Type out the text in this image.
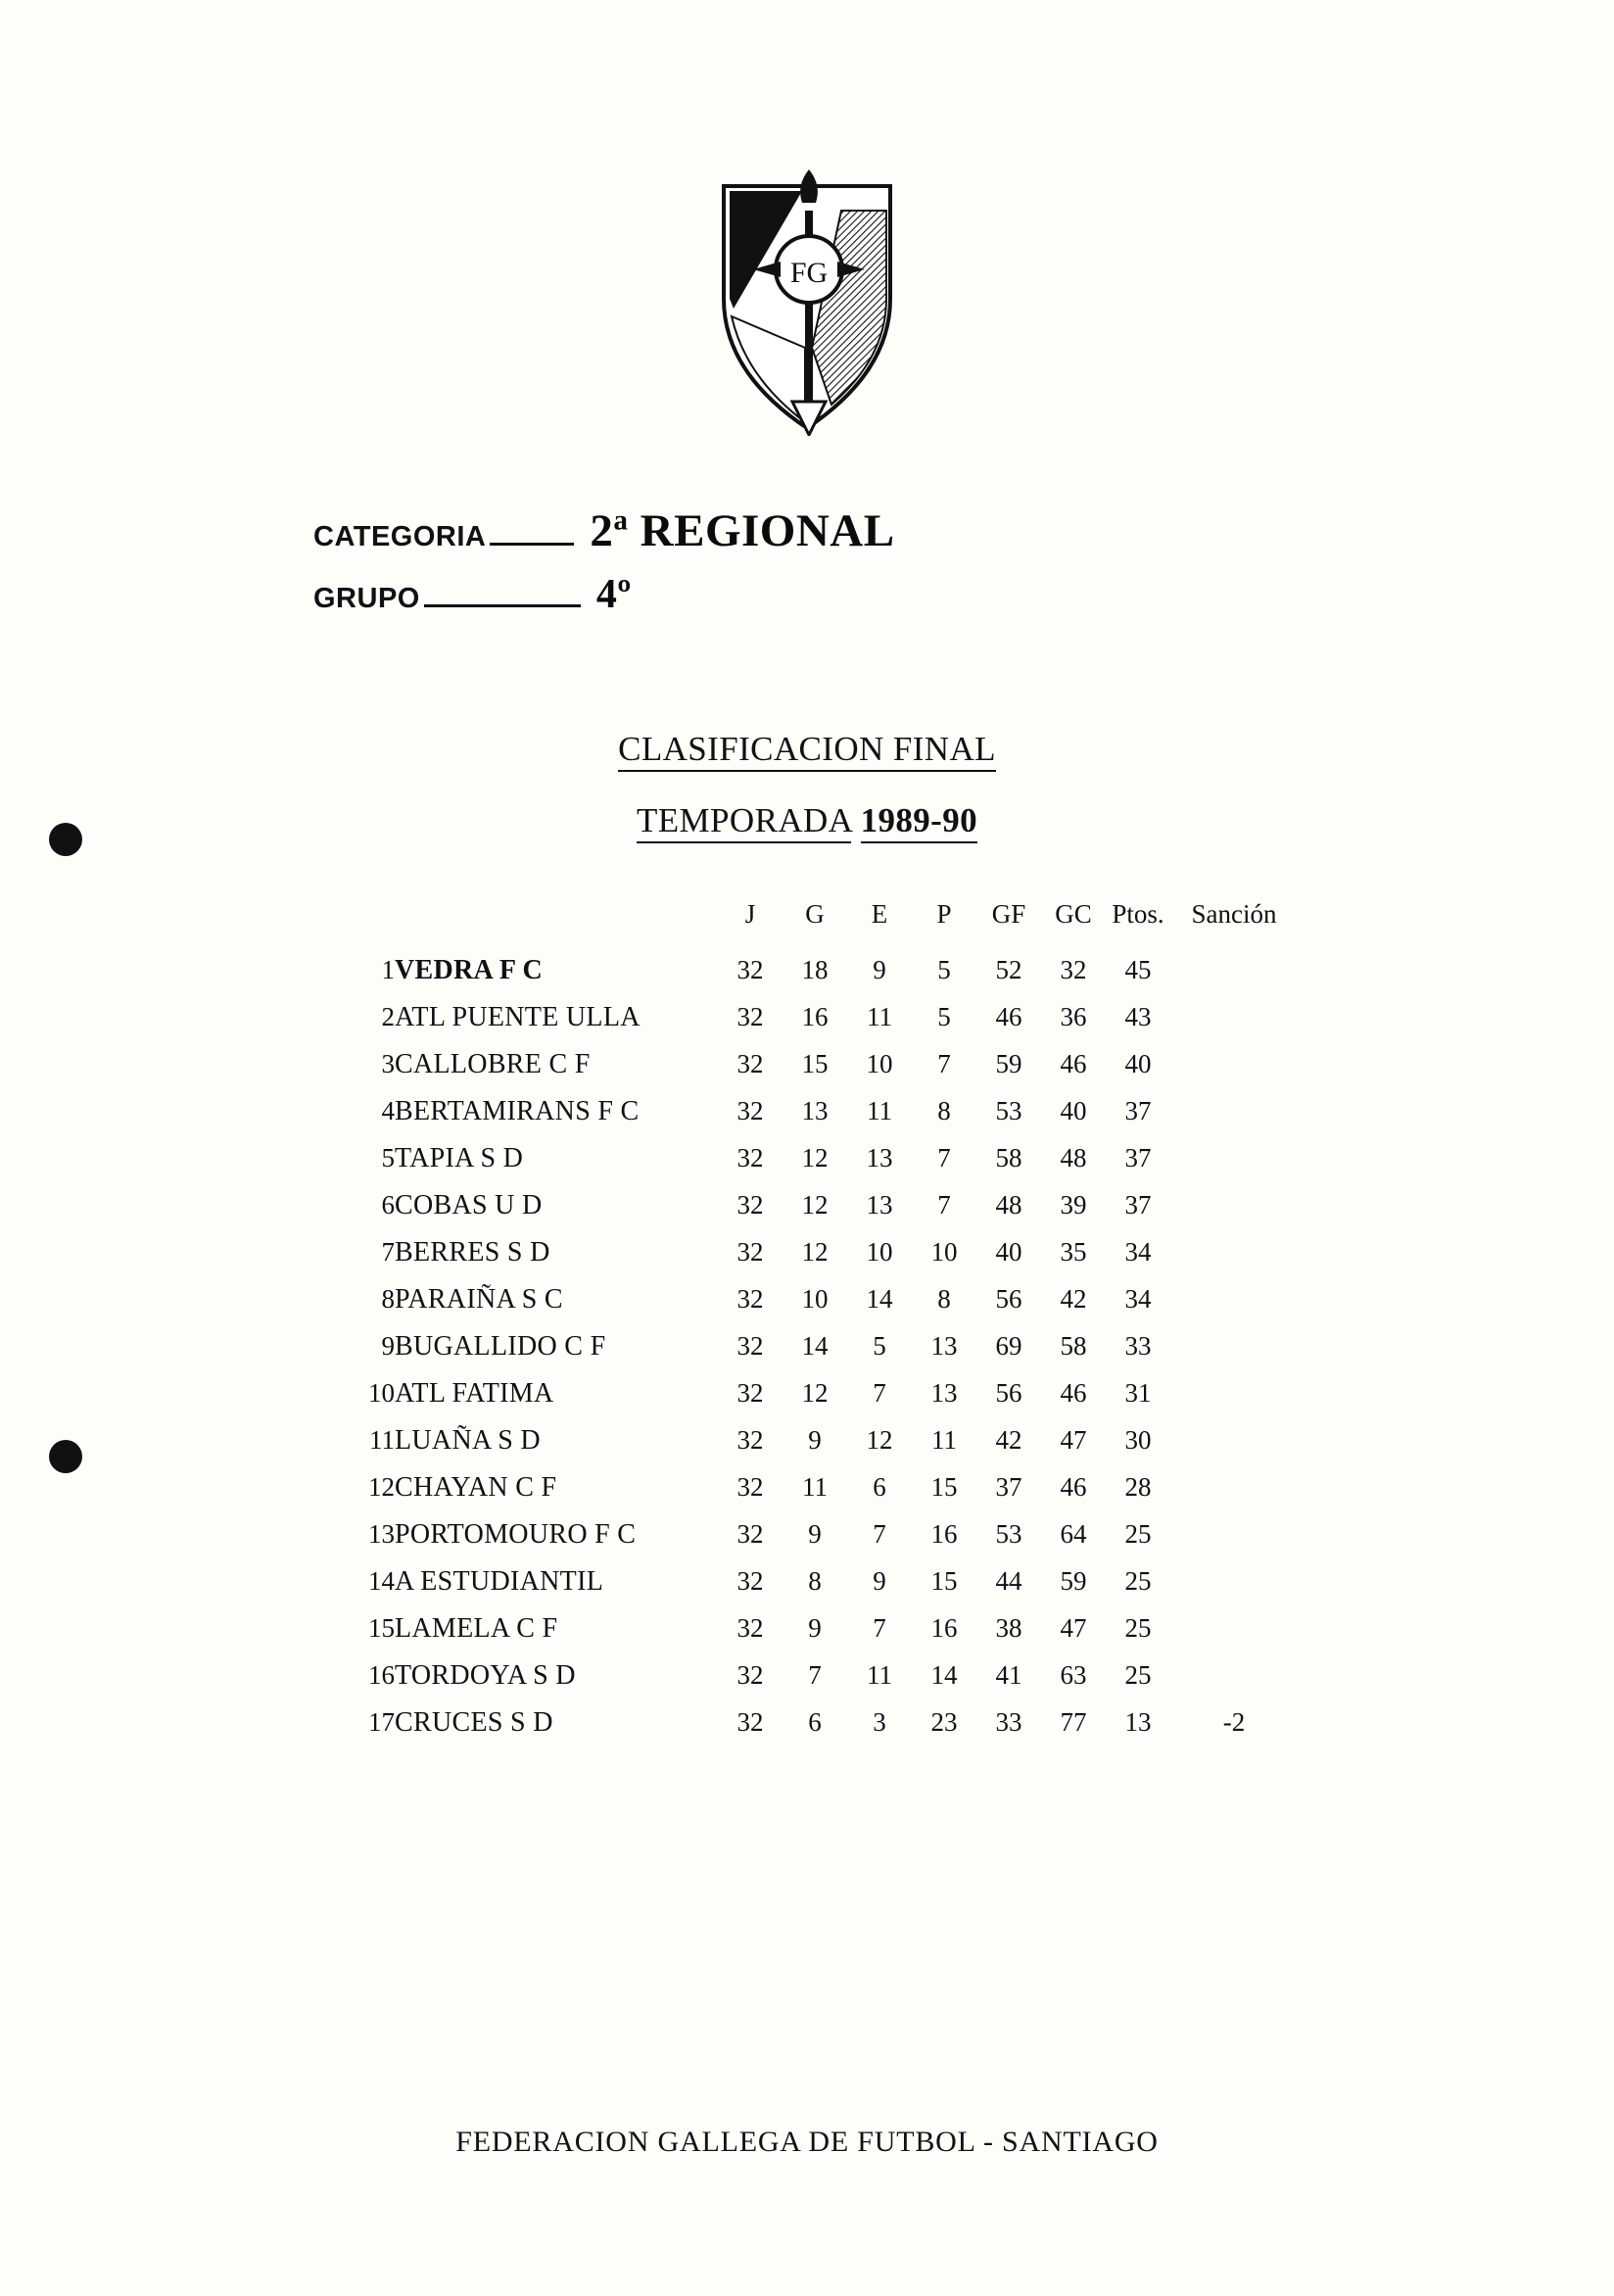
FG
CATEGORIA 2$^a$ REGIONAL
GRUPO	4º
CLASIFICACION FINAL
TEMPORADA 1989-90
		J	G	E	P	GF	GC	Ptos.	Sanción
1	VEDRA F C	32	18	9	5	52	32	45	
2	ATL PUENTE ULLA	32	16	11	5	46	36	43	
3	CALLOBRE C F	32	15	10	7	59	46	40	
4	BERTAMIRANS F C	32	13	11	8	53	40	37	
5	TAPIA S D	32	12	13	7	58	48	37	
6	COBAS U D	32	12	13	7	48	39	37	
7	BERRES S D	32	12	10	10	40	35	34	
8	PARAIÑA S C	32	10	14	8	56	42	34	
9	BUGALLIDO C F	32	14	5	13	69	58	33	
10	ATL FATIMA	32	12	7	13	56	46	31	
11	LUAÑA S D	32	9	12	11	42	47	30	
12	CHAYAN C F	32	11	6	15	37	46	28	
13	PORTOMOURO F C	32	9	7	16	53	64	25	
14	A ESTUDIANTIL	32	8	9	15	44	59	25	
15	LAMELA C F	32	9	7	16	38	47	25	
16	TORDOYA S D	32	7	11	14	41	63	25	
17	CRUCES S D	32	6	3	23	33	77	13	-2
FEDERACION GALLEGA DE FUTBOL - SANTIAGO
